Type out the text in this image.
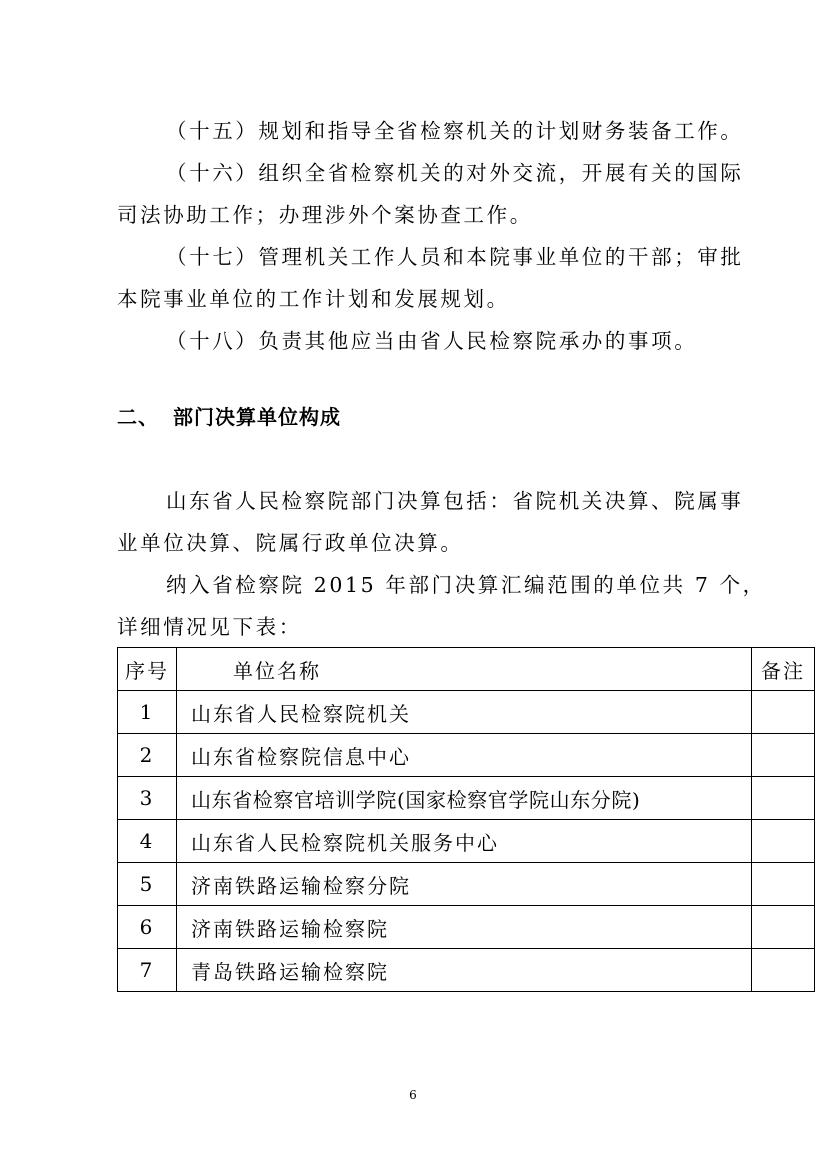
（十五）规划和指导全省检察机关的计划财务装备工作。
（十六）组织全省检察机关的对外交流，开展有关的国际
司法协助工作；办理涉外个案协查工作。
（十七）管理机关工作人员和本院事业单位的干部；审批
本院事业单位的工作计划和发展规划。
（十八）负责其他应当由省人民检察院承办的事项。
二、 部门决算单位构成
山东省人民检察院部门决算包括：省院机关决算、院属事
业单位决算、院属行政单位决算。
纳入省检察院 2015 年部门决算汇编范围的单位共 7 个，
详细情况见下表：
序号	单位名称	备注
1	山东省人民检察院机关	
2	山东省检察院信息中心	
3	山东省检察官培训学院(国家检察官学院山东分院)	
4	山东省人民检察院机关服务中心	
5	济南铁路运输检察分院	
6	济南铁路运输检察院	
7	青岛铁路运输检察院	
6
